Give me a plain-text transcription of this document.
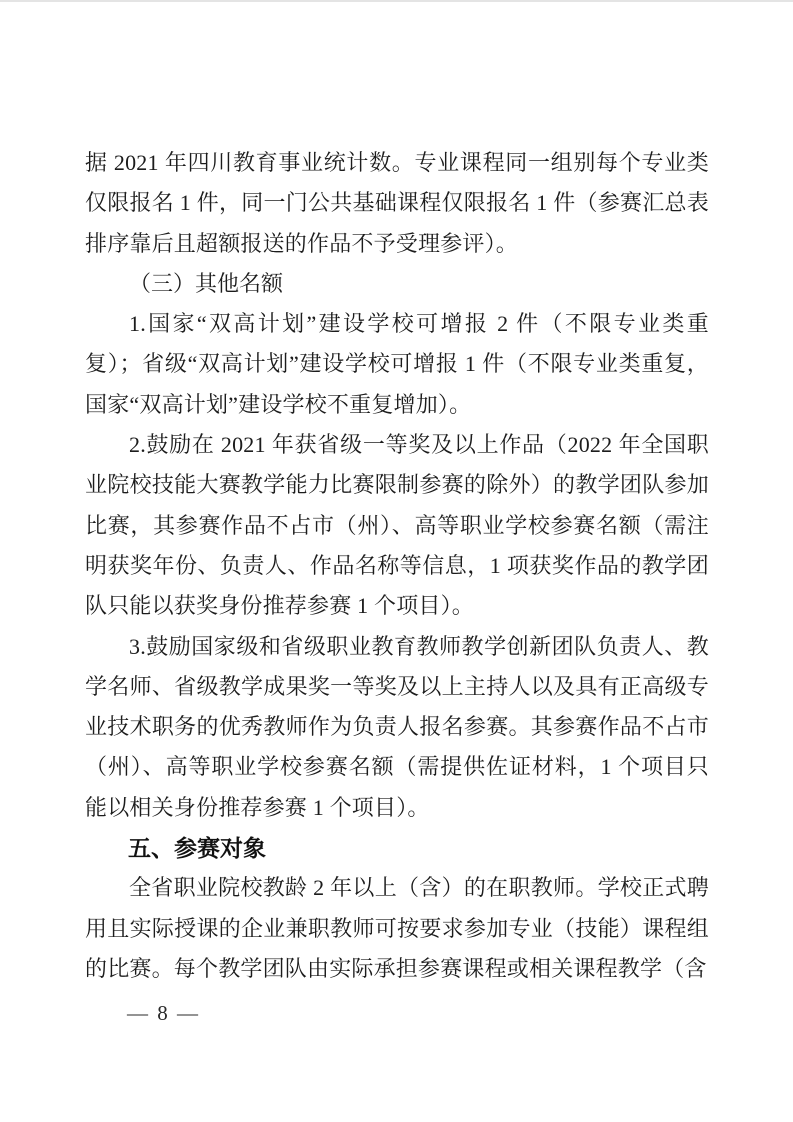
据 2021 年四川教育事业统计数。专业课程同一组别每个专业类仅限报名 1 件，同一门公共基础课程仅限报名 1 件（参赛汇总表排序靠后且超额报送的作品不予受理参评）。

（三）其他名额

1.国家“双高计划”建设学校可增报 2 件（不限专业类重复）；省级“双高计划”建设学校可增报 1 件（不限专业类重复，国家“双高计划”建设学校不重复增加）。

2.鼓励在 2021 年获省级一等奖及以上作品（2022 年全国职业院校技能大赛教学能力比赛限制参赛的除外）的教学团队参加比赛，其参赛作品不占市（州）、高等职业学校参赛名额（需注明获奖年份、负责人、作品名称等信息，1 项获奖作品的教学团队只能以获奖身份推荐参赛 1 个项目）。

3.鼓励国家级和省级职业教育教师教学创新团队负责人、教学名师、省级教学成果奖一等奖及以上主持人以及具有正高级专业技术职务的优秀教师作为负责人报名参赛。其参赛作品不占市（州）、高等职业学校参赛名额（需提供佐证材料，1 个项目只能以相关身份推荐参赛 1 个项目）。

五、参赛对象

全省职业院校教龄 2 年以上（含）的在职教师。学校正式聘用且实际授课的企业兼职教师可按要求参加专业（技能）课程组的比赛。每个教学团队由实际承担参赛课程或相关课程教学（含

— 8 —
